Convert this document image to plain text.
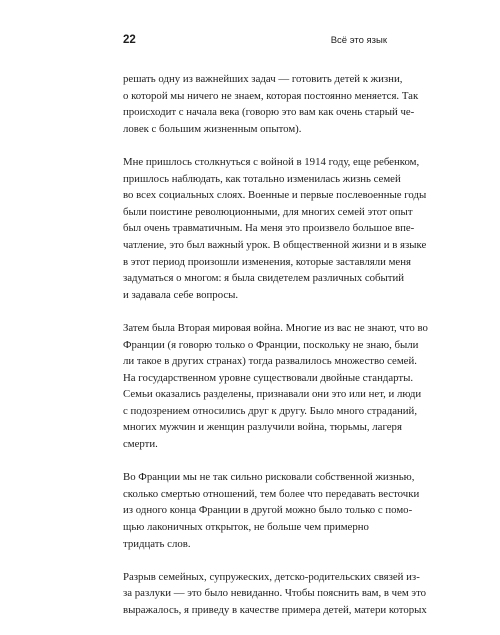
22	Всё это язык

решать одну из важнейших задач — готовить детей к жизни,
о которой мы ничего не знаем, которая постоянно меняется. Так
происходит с начала века (говорю это вам как очень старый че-
ловек с большим жизненным опытом).

Мне пришлось столкнуться с войной в 1914 году, еще ребенком,
пришлось наблюдать, как тотально изменилась жизнь семей
во всех социальных слоях. Военные и первые послевоенные годы
были поистине революционными, для многих семей этот опыт
был очень травматичным. На меня это произвело большое впе-
чатление, это был важный урок. В общественной жизни и в языке
в этот период произошли изменения, которые заставляли меня
задуматься о многом: я была свидетелем различных событий
и задавала себе вопросы.

Затем была Вторая мировая война. Многие из вас не знают, что во
Франции (я говорю только о Франции, поскольку не знаю, были
ли такое в других странах) тогда развалилось множество семей.
На государственном уровне существовали двойные стандарты.
Семьи оказались разделены, признавали они это или нет, и люди
с подозрением относились друг к другу. Было много страданий,
многих мужчин и женщин разлучили война, тюрьмы, лагеря
смерти.

Во Франции мы не так сильно рисковали собственной жизнью,
сколько смертью отношений, тем более что передавать весточки
из одного конца Франции в другой можно было только с помо-
щью лаконичных открыток, не больше чем примерно
тридцать слов.

Разрыв семейных, супружеских, детско-родительских связей из-
за разлуки — это было невиданно. Чтобы пояснить вам, в чем это
выражалось, я приведу в качестве примера детей, матери которых
